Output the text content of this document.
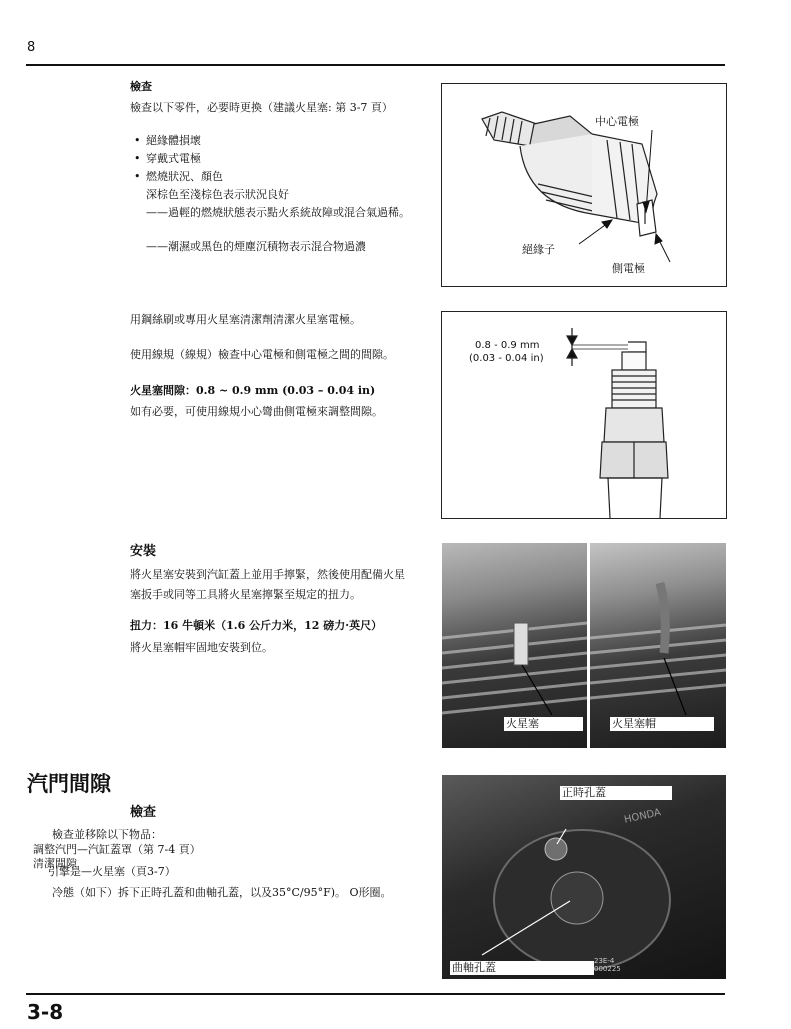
8
檢查
檢查以下零件，必要時更換（建議火星塞: 第 3-7 頁）
• 絕緣體損壞
• 穿戴式電極
• 燃燒狀況、顏色
深棕色至淺棕色表示狀況良好
——過輕的燃燒狀態表示點火系統故障或混合氣過稀。
——潮濕或黑色的煙塵沉積物表示混合物過濃
中心電極
絕緣子
側電極
用鋼絲刷或專用火星塞清潔劑清潔火星塞電極。
使用線規（線規）檢查中心電極和側電極之間的間隙。
火星塞間隙：0.8 ~ 0.9 mm (0.03 – 0.04 in)
如有必要，可使用線規小心彎曲側電極來調整間隙。
0.8 - 0.9 mm
(0.03 - 0.04 in)
安裝
將火星塞安裝到汽缸蓋上並用手擰緊，然後使用配備火星
塞扳手或同等工具將火星塞擰緊至規定的扭力。
扭力：16 牛頓米（1.6 公斤力米，12 磅力·英尺）
將火星塞帽牢固地安裝到位。
火星塞	火星塞帽
汽門間隙
檢查
檢查並移除以下物品：
調整汽門—汽缸蓋罩（第 7-4 頁）
清潔間隙
引擎是—火星塞（頁3-7）
冷態（如下）拆下正時孔蓋和曲軸孔蓋，以及35°C/95°F)。 O形圈。
HONDA
正時孔蓋
曲軸孔蓋	23E-4
000225
3-8
